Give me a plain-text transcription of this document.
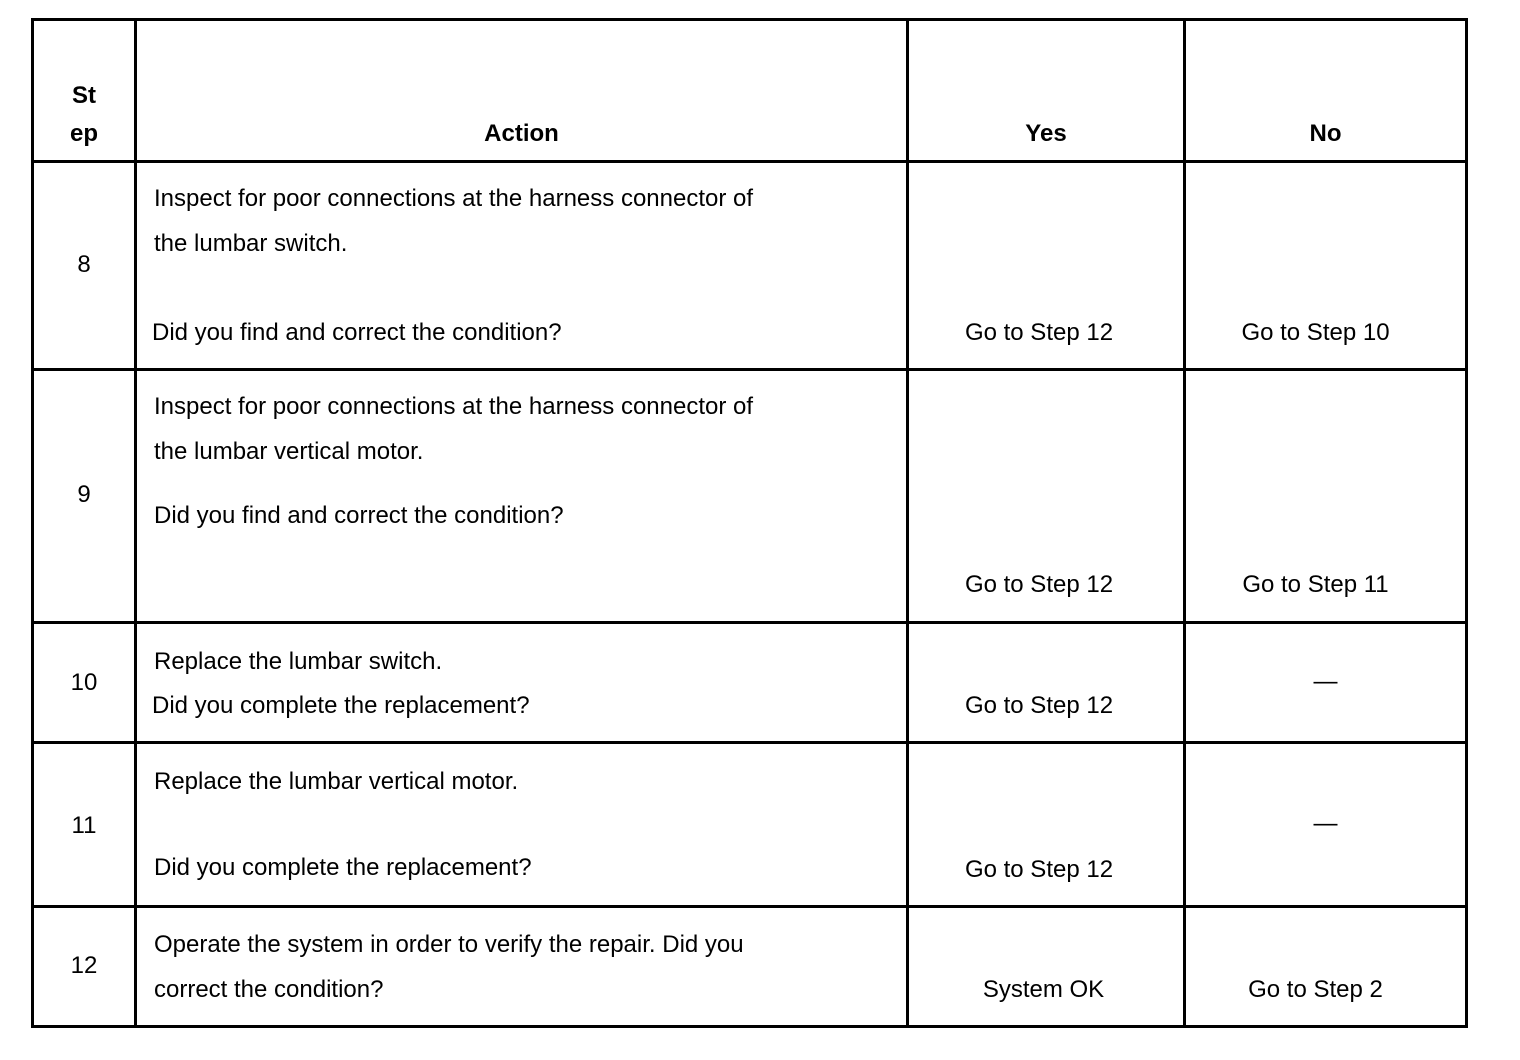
St
ep	Action	Yes	No

8	Inspect for poor connections at the harness connector of
the lumbar switch.
Did you find and correct the condition?	Go to Step 12	Go to Step 10

9	Inspect for poor connections at the harness connector of
the lumbar vertical motor.
Did you find and correct the condition?	Go to Step 12	Go to Step 11

10	Replace the lumbar switch.
Did you complete the replacement?	Go to Step 12	—

11	Replace the lumbar vertical motor.
Did you complete the replacement?	Go to Step 12	—

12	Operate the system in order to verify the repair. Did you
correct the condition?	System OK	Go to Step 2
